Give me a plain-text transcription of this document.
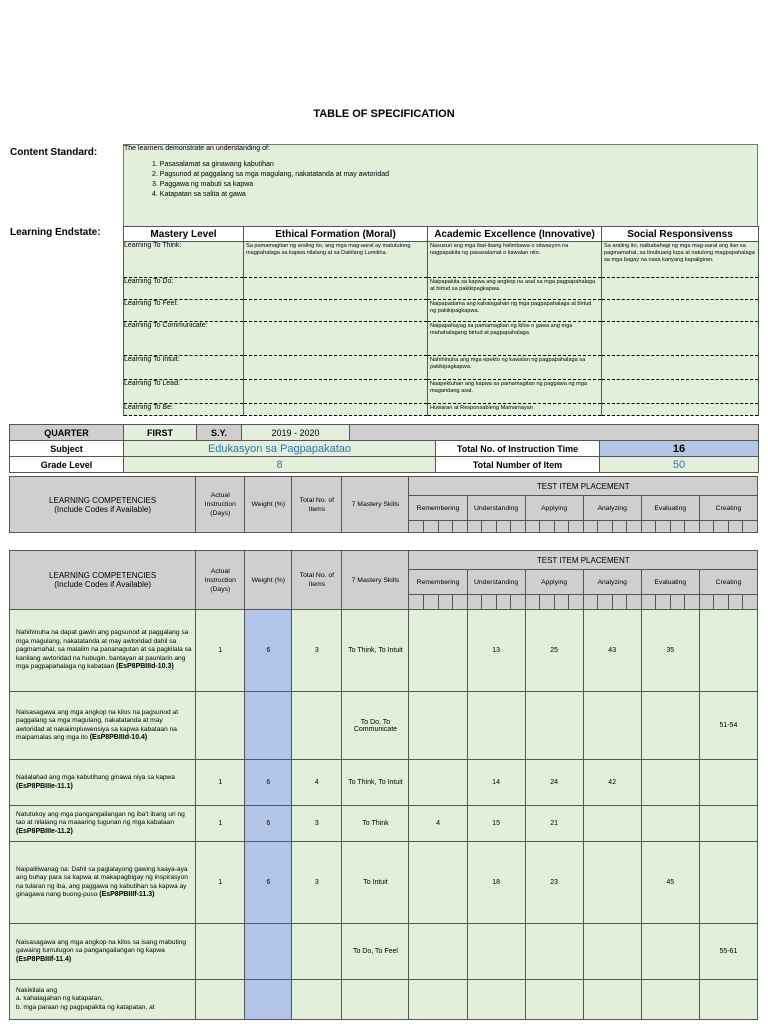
TABLE OF SPECIFICATION
Content Standard:
Learning Endstate:
The learners demonstrate an understanding of:
1. Pasasalamat sa ginawang kabutihan
2. Pagsunod at paggalang sa mga magulang, nakatatanda at may awtoridad
3. Paggawa ng mabuti sa kapwa
4. Katapatan sa salita at gawa
Mastery Level	Ethical Formation (Moral)	Academic Excellence (Innovative)	Social Responsivenss
Learning To Think:	Sa pamamagitan ng araling ito, ang mga mag-aaral ay matututong magpahalaga sa kapwa nilalang at sa Dakilang Lumikha.	Nasusuri ang mga ibat-ibang halimbawa o sitwasyon na nagpapakita ng pasasalamat o kawalan nito.	Sa araling ito, naibabahagi ng mga mag-aaral ang ilan sa pagmamahal, sa tinubuang lupa at natutong magpapahalaga sa mga bagay na nasa kanyang kapaligiran.
Learning To Do:		Naipapakita sa kapwa ang angkop na asal sa mga pagpapahalaga at birtud sa pakikipagkapwa.	
Learning To Feel:		Naipapadama ang kahalagahan ng mga pagpapahalaga at birtud ng pakikipagkapwa.	
Learning To Communicate:		Naipapahayag sa pamamagitan ng kilos o gawa ang mga mahahalagang birtud at pagpapahalaga.	
Learning To Intuit:		Nahihinuha ang mga epekto ng kawalan ng pagpapahalaga sa pakikipagkapwa.	
Learning To Lead:		Naapektuhan ang kapwa sa pamamagitan ng paggawa ng mga magandang asal.	
Learning To Be:		Huwaran at Responsableng Mamamayan	
QUARTER	FIRST	S.Y.	2019 - 2020			
Subject	Edukasyon sa Pagpapakatao				Total No. of Instruction Time	16
Grade Level	8				Total Number of Item	50
LEARNING COMPETENCIES
(Include Codes if Available)	Actual Instruction (Days)	Weight (%)	Total No. of Items	7 Mastery Skills	TEST ITEM PLACEMENT																							
					Remembering				Understanding				Applying				Analyzing				Evaluating				Creating			

LEARNING COMPETENCIES
(Include Codes if Available)	Actual Instruction (Days)	Weight (%)	Total No. of Items	7 Mastery Skills	TEST ITEM PLACEMENT																							
					Remembering				Understanding				Applying				Analyzing				Evaluating				Creating			

Nahihinuha na dapat gawin ang pagsunod at paggalang sa mga magulang, nakatatanda at may awtoridad dahil sa pagmamahal, sa malalim na pananagutan at sa pagkilala sa kanilang awtoridad na hubugin, bantayan at paunlarin ang mga pagpapahalaga ng kabataan (EsP8PBIIId-10.3)	1	6	3	To Think, To Intuit					13				25				43				35							
Naisasagawa ang mga angkop na kilos na pagsunod at paggalang sa mga magulang, nakatatanda at may awtoridad at nakaiimpluwensiya sa kapwa kabataan na maipamalas ang mga ito (EsP8PBIIId-10.4)				To Do, To Communicate																					51-54			
Nailalahad ang mga kabutihang ginawa niya sa kapwa (EsP8PBIIIe-11.1)	1	6	4	To Think, To Intuit					14				24				42											
Natutukoy ang mga pangangailangan ng iba't ibang uri ng tao at nilalang na maaaring tugunan ng mga kabataan (EsP8PBIIIe-11.2)	1	6	3	To Think	4				15				21															
Naipaliliwanag na: Dahil sa paglalayong gawing kaaya-aya ang buhay para sa kapwa at makapagbigay ng inspirasyon na tularan ng iba, ang paggawa ng kabutihan sa kapwa ay ginagawa nang buong-puso (EsP8PBIIIf-11.3)	1	6	3	To Intuit					18				23								45							
Naisasagawa ang mga angkop na kilos sa isang mabuting gawaing tumutugon sa pangangailangan ng kapwa (EsP8PBIIIf-11.4)				To Do, To Feel																					55-61			
Nakikilala ang
a. kahalagahan ng katapatan,
b. mga paraan ng pagpapakita ng katapatan, at																												
